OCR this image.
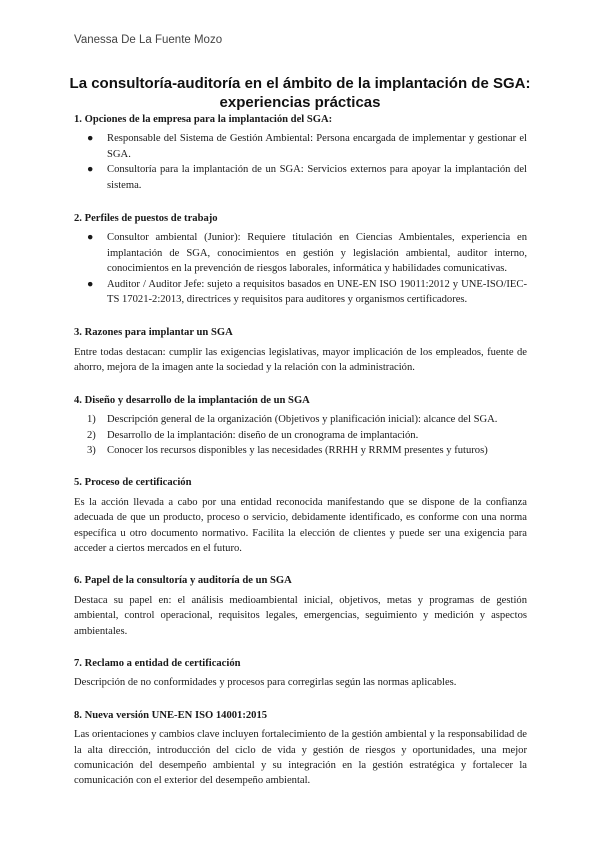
Vanessa De La Fuente Mozo
La consultoría-auditoría en el ámbito de la implantación de SGA: experiencias prácticas
1. Opciones de la empresa para la implantación del SGA:
● Responsable del Sistema de Gestión Ambiental: Persona encargada de implementar y gestionar el SGA.
● Consultoría para la implantación de un SGA: Servicios externos para apoyar la implantación del sistema.
2. Perfiles de puestos de trabajo
● Consultor ambiental (Junior): Requiere titulación en Ciencias Ambientales, experiencia en implantación de SGA, conocimientos en gestión y legislación ambiental, auditor interno, conocimientos en la prevención de riesgos laborales, informática y habilidades comunicativas.
● Auditor / Auditor Jefe: sujeto a requisitos basados en UNE-EN ISO 19011:2012 y UNE-ISO/IEC-TS 17021-2:2013, directrices y requisitos para auditores y organismos certificadores.
3. Razones para implantar un SGA

Entre todas destacan: cumplir las exigencias legislativas, mayor implicación de los empleados, fuente de ahorro, mejora de la imagen ante la sociedad y la relación con la administración.

4. Diseño y desarrollo de la implantación de un SGA
1) Descripción general de la organización (Objetivos y planificación inicial): alcance del SGA.
2) Desarrollo de la implantación: diseño de un cronograma de implantación.
3) Conocer los recursos disponibles y las necesidades (RRHH y RRMM presentes y futuros)
5. Proceso de certificación

Es la acción llevada a cabo por una entidad reconocida manifestando que se dispone de la confianza adecuada de que un producto, proceso o servicio, debidamente identificado, es conforme con una norma específica u otro documento normativo. Facilita la elección de clientes y puede ser una exigencia para acceder a ciertos mercados en el futuro.

6. Papel de la consultoría y auditoría de un SGA

Destaca su papel en: el análisis medioambiental inicial, objetivos, metas y programas de gestión ambiental, control operacional, requisitos legales, emergencias, seguimiento y medición y aspectos ambientales.

7. Reclamo a entidad de certificación

Descripción de no conformidades y procesos para corregirlas según las normas aplicables.

8. Nueva versión UNE-EN ISO 14001:2015

Las orientaciones y cambios clave incluyen fortalecimiento de la gestión ambiental y la responsabilidad de la alta dirección, introducción del ciclo de vida y gestión de riesgos y oportunidades, una mejor comunicación del desempeño ambiental y su integración en la gestión estratégica y fortalecer la comunicación con el exterior del desempeño ambiental.
